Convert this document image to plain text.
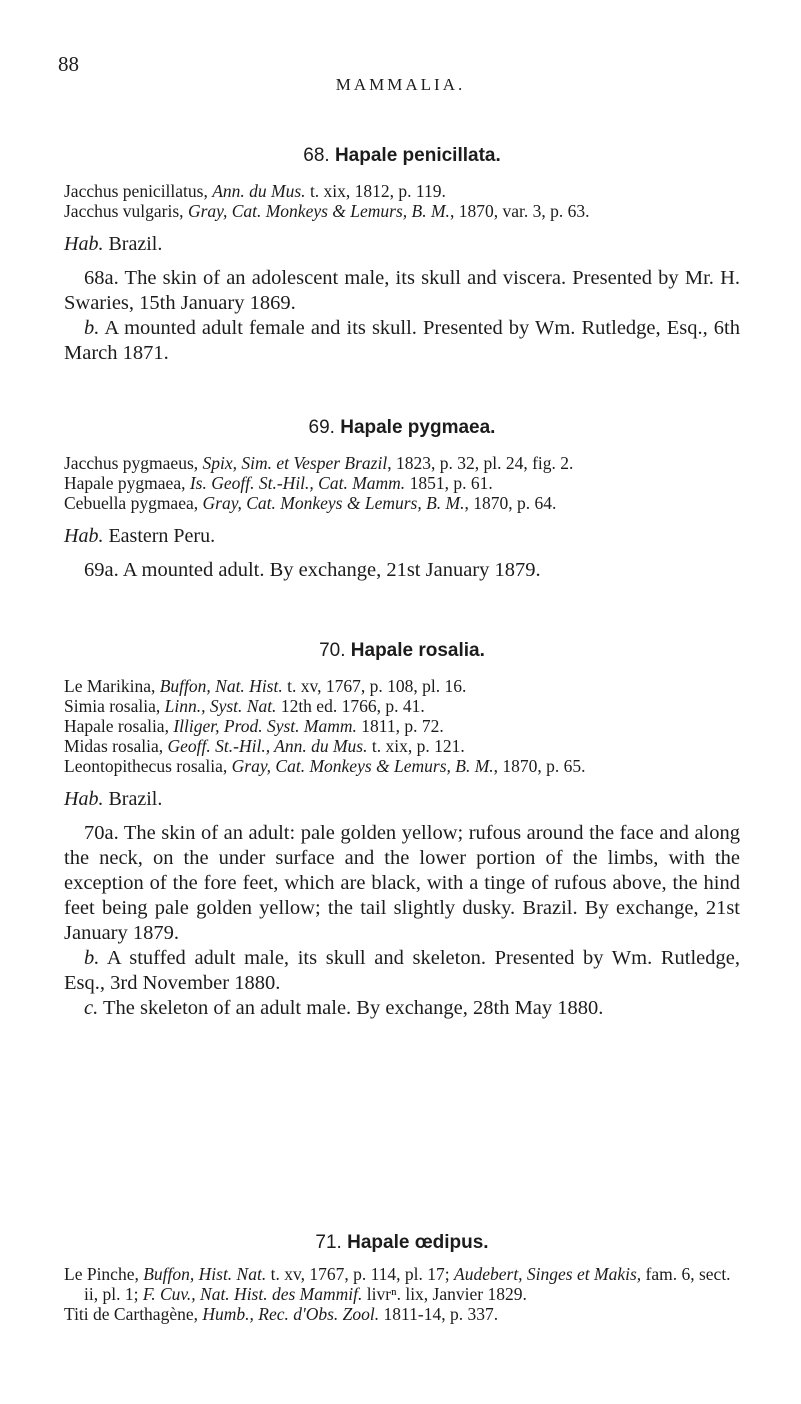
88
MAMMALIA.
68. Hapale penicillata.

Jacchus penicillatus, Ann. du Mus. t. xix, 1812, p. 119.

Jacchus vulgaris, Gray, Cat. Monkeys & Lemurs, B. M., 1870, var. 3, p. 63.

Hab. Brazil.

68a. The skin of an adolescent male, its skull and viscera. Presented by Mr. H. Swaries, 15th January 1869.

b. A mounted adult female and its skull. Presented by Wm. Rutledge, Esq., 6th March 1871.

69. Hapale pygmaea.

Jacchus pygmaeus, Spix, Sim. et Vesper Brazil, 1823, p. 32, pl. 24, fig. 2.

Hapale pygmaea, Is. Geoff. St.-Hil., Cat. Mamm. 1851, p. 61.

Cebuella pygmaea, Gray, Cat. Monkeys & Lemurs, B. M., 1870, p. 64.

Hab. Eastern Peru.

69a. A mounted adult. By exchange, 21st January 1879.

70. Hapale rosalia.

Le Marikina, Buffon, Nat. Hist. t. xv, 1767, p. 108, pl. 16.

Simia rosalia, Linn., Syst. Nat. 12th ed. 1766, p. 41.

Hapale rosalia, Illiger, Prod. Syst. Mamm. 1811, p. 72.

Midas rosalia, Geoff. St.-Hil., Ann. du Mus. t. xix, p. 121.

Leontopithecus rosalia, Gray, Cat. Monkeys & Lemurs, B. M., 1870, p. 65.

Hab. Brazil.

70a. The skin of an adult: pale golden yellow; rufous around the face and along the neck, on the under surface and the lower portion of the limbs, with the exception of the fore feet, which are black, with a tinge of rufous above, the hind feet being pale golden yellow; the tail slightly dusky. Brazil. By exchange, 21st January 1879.

b. A stuffed adult male, its skull and skeleton. Presented by Wm. Rutledge, Esq., 3rd November 1880.

c. The skeleton of an adult male. By exchange, 28th May 1880.

71. Hapale œdipus.

Le Pinche, Buffon, Hist. Nat. t. xv, 1767, p. 114, pl. 17; Audebert, Singes et Makis, fam. 6, sect. ii, pl. 1; F. Cuv., Nat. Hist. des Mammif. livrⁿ. lix, Janvier 1829.

Titi de Carthagène, Humb., Rec. d'Obs. Zool. 1811-14, p. 337.
